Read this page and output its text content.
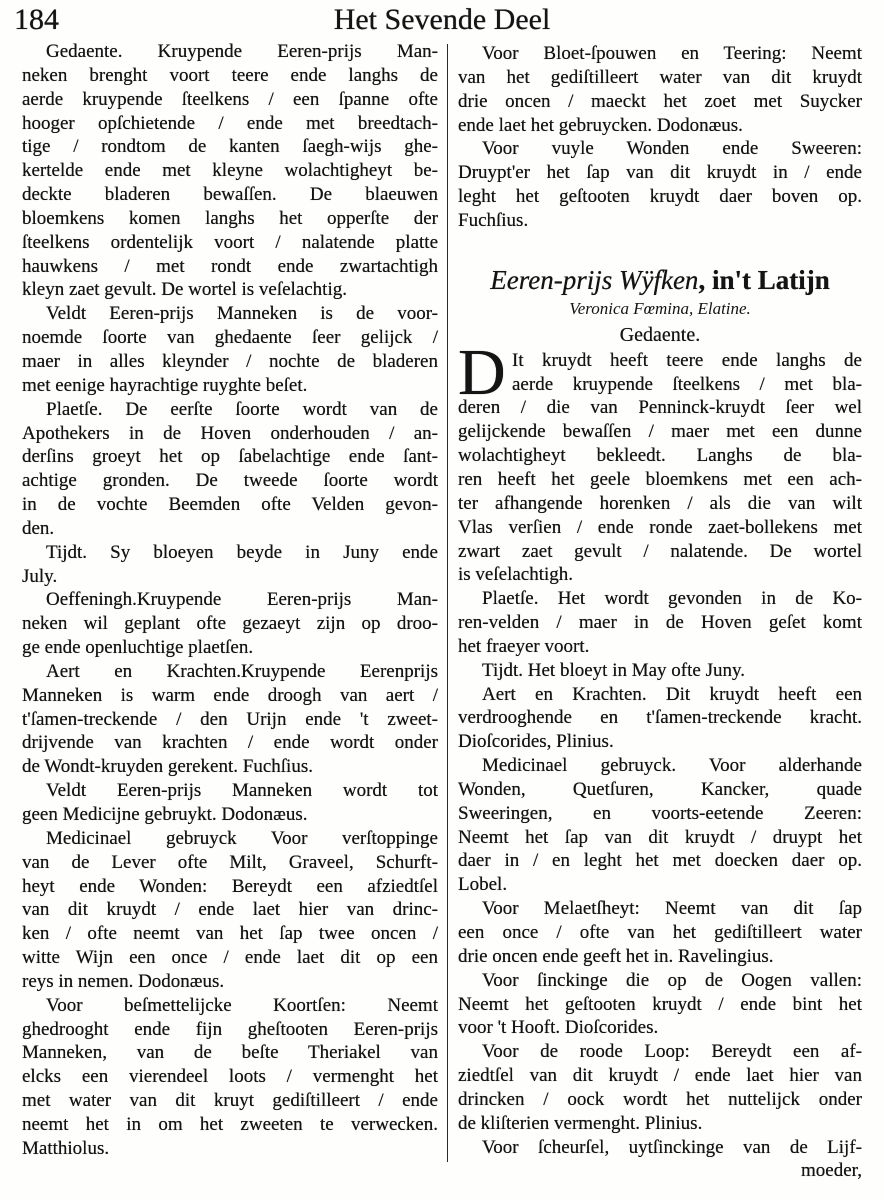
184	Het Sevende Deel
Gedaente. Kruypende Eeren-prijs Man-
neken brenght voort teere ende langhs de
aerde kruypende ſteelkens / een ſpanne ofte
hooger opſchietende / ende met breedtach-
tige / rondtom de kanten ſaegh-wijs ghe-
kertelde ende met kleyne wolachtigheyt be-
deckte bladeren bewaſſen. De blaeuwen
bloemkens komen langhs het opperſte der
ſteelkens ordentelijk voort / nalatende platte
hauwkens / met rondt ende zwartachtigh
kleyn zaet gevult. De wortel is veſelachtig.
Veldt Eeren-prijs Manneken is de voor-
noemde ſoorte van ghedaente ſeer gelijck /
maer in alles kleynder / nochte de bladeren
met eenige hayrachtige ruyghte beſet.
Plaetſe. De eerſte ſoorte wordt van de
Apothekers in de Hoven onderhouden / an-
derſins groeyt het op ſabelachtige ende ſant-
achtige gronden. De tweede ſoorte wordt
in de vochte Beemden ofte Velden gevon-
den.
Tijdt. Sy bloeyen beyde in Juny ende
July.
Oeffeningh.Kruypende Eeren-prijs Man-
neken wil geplant ofte gezaeyt zijn op droo-
ge ende openluchtige plaetſen.
Aert en Krachten.Kruypende Eerenprijs
Manneken is warm ende droogh van aert /
t'ſamen-treckende / den Urijn ende 't zweet-
drijvende van krachten / ende wordt onder
de Wondt-kruyden gerekent. Fuchſius.
Veldt Eeren-prijs Manneken wordt tot
geen Medicijne gebruykt. Dodonæus.
Medicinael gebruyck Voor verſtoppinge
van de Lever ofte Milt, Graveel, Schurft-
heyt ende Wonden: Bereydt een afziedtſel
van dit kruydt / ende laet hier van drinc-
ken / ofte neemt van het ſap twee oncen /
witte Wijn een once / ende laet dit op een
reys in nemen. Dodonæus.
Voor beſmettelijcke Koortſen: Neemt
ghedrooght ende fijn gheſtooten Eeren-prijs
Manneken, van de beſte Theriakel van
elcks een vierendeel loots / vermenght het
met water van dit kruyt gediſtilleert / ende
neemt het in om het zweeten te verwecken.
Matthiolus.
Voor Bloet-ſpouwen en Teering: Neemt
van het gediſtilleert water van dit kruydt
drie oncen / maeckt het zoet met Suycker
ende laet het gebruycken. Dodonæus.
Voor vuyle Wonden ende Sweeren:
Druypt'er het ſap van dit kruydt in / ende
leght het geſtooten kruydt daer boven op.
Fuchſius.
Eeren-prijs Wÿfken, in't Latijn
Veronica Fœmina, Elatine.
Gedaente.
D It kruydt heeft teere ende langhs de
aerde kruypende ſteelkens / met bla-
deren / die van Penninck-kruydt ſeer wel
gelijckende bewaſſen / maer met een dunne
wolachtigheyt bekleedt. Langhs de bla-
ren heeft het geele bloemkens met een ach-
ter afhangende horenken / als die van wilt
Vlas verſien / ende ronde zaet-bollekens met
zwart zaet gevult / nalatende. De wortel
is veſelachtigh.
Plaetſe. Het wordt gevonden in de Ko-
ren-velden / maer in de Hoven geſet komt
het fraeyer voort.
Tijdt. Het bloeyt in May ofte Juny.
Aert en Krachten. Dit kruydt heeft een
verdrooghende en t'ſamen-treckende kracht.
Dioſcorides, Plinius.
Medicinael gebruyck. Voor alderhande
Wonden, Quetſuren, Kancker, quade
Sweeringen, en voorts-eetende Zeeren:
Neemt het ſap van dit kruydt / druypt het
daer in / en leght het met doecken daer op.
Lobel.
Voor Melaetſheyt: Neemt van dit ſap
een once / ofte van het gediſtilleert water
drie oncen ende geeft het in. Ravelingius.
Voor ſinckinge die op de Oogen vallen:
Neemt het geſtooten kruydt / ende bint het
voor 't Hooft. Dioſcorides.
Voor de roode Loop: Bereydt een af-
ziedtſel van dit kruydt / ende laet hier van
drincken / oock wordt het nuttelijck onder
de kliſterien vermenght. Plinius.
Voor ſcheurſel, uytſinckinge van de Lijf-
moeder,
